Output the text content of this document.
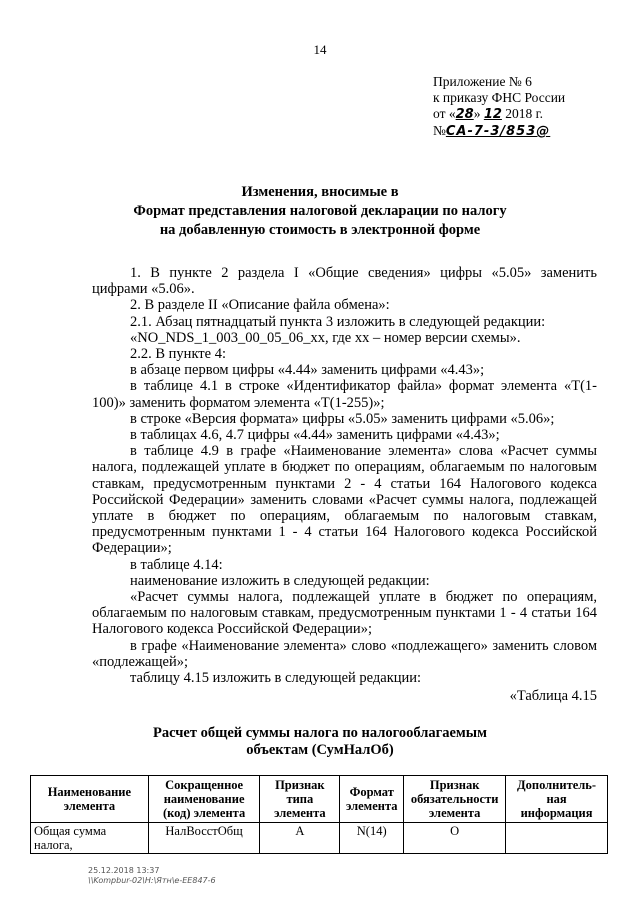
14
Приложение № 6
к приказу ФНС России
от «28» 12 2018 г.
№СА-7-3/853@
Изменения, вносимые в
Формат представления налоговой декларации по налогу
на добавленную стоимость в электронной форме

1. В пункте 2 раздела I «Общие сведения» цифры «5.05» заменить цифрами «5.06».

2. В разделе II «Описание файла обмена»:

2.1. Абзац пятнадцатый пункта 3 изложить в следующей редакции:

«NO_NDS_1_003_00_05_06_xx, где xx – номер версии схемы».

2.2. В пункте 4:

в абзаце первом цифры «4.44» заменить цифрами «4.43»;

в таблице 4.1 в строке «Идентификатор файла» формат элемента «T(1-100)» заменить форматом элемента «T(1-255)»;

в строке «Версия формата» цифры «5.05» заменить цифрами «5.06»;

в таблицах 4.6, 4.7 цифры «4.44» заменить цифрами «4.43»;

в таблице 4.9 в графе «Наименование элемента» слова «Расчет суммы налога, подлежащей уплате в бюджет по операциям, облагаемым по налоговым ставкам, предусмотренным пунктами 2 - 4 статьи 164 Налогового кодекса Российской Федерации» заменить словами «Расчет суммы налога, подлежащей уплате в бюджет по операциям, облагаемым по налоговым ставкам, предусмотренным пунктами 1 - 4 статьи 164 Налогового кодекса Российской Федерации»;

в таблице 4.14:

наименование изложить в следующей редакции:

«Расчет суммы налога, подлежащей уплате в бюджет по операциям, облагаемым по налоговым ставкам, предусмотренным пунктами 1 - 4 статьи 164 Налогового кодекса Российской Федерации»;

в графе «Наименование элемента» слово «подлежащего» заменить словом «подлежащей»;

таблицу 4.15 изложить в следующей редакции:

«Таблица 4.15

Расчет общей суммы налога по налогооблагаемым
объектам (СумНалОб)
Наименование элемента	Сокращенное наименование (код) элемента	Признак типа элемента	Формат элемента	Признак обязательности элемента	Дополнитель-ная информация
Общая сумма налога,	НалВосстОбщ	А	N(14)	О	
25.12.2018 13:37
\\Kompbur-02\Н:\Ятн\е-ЕЕ847-6
